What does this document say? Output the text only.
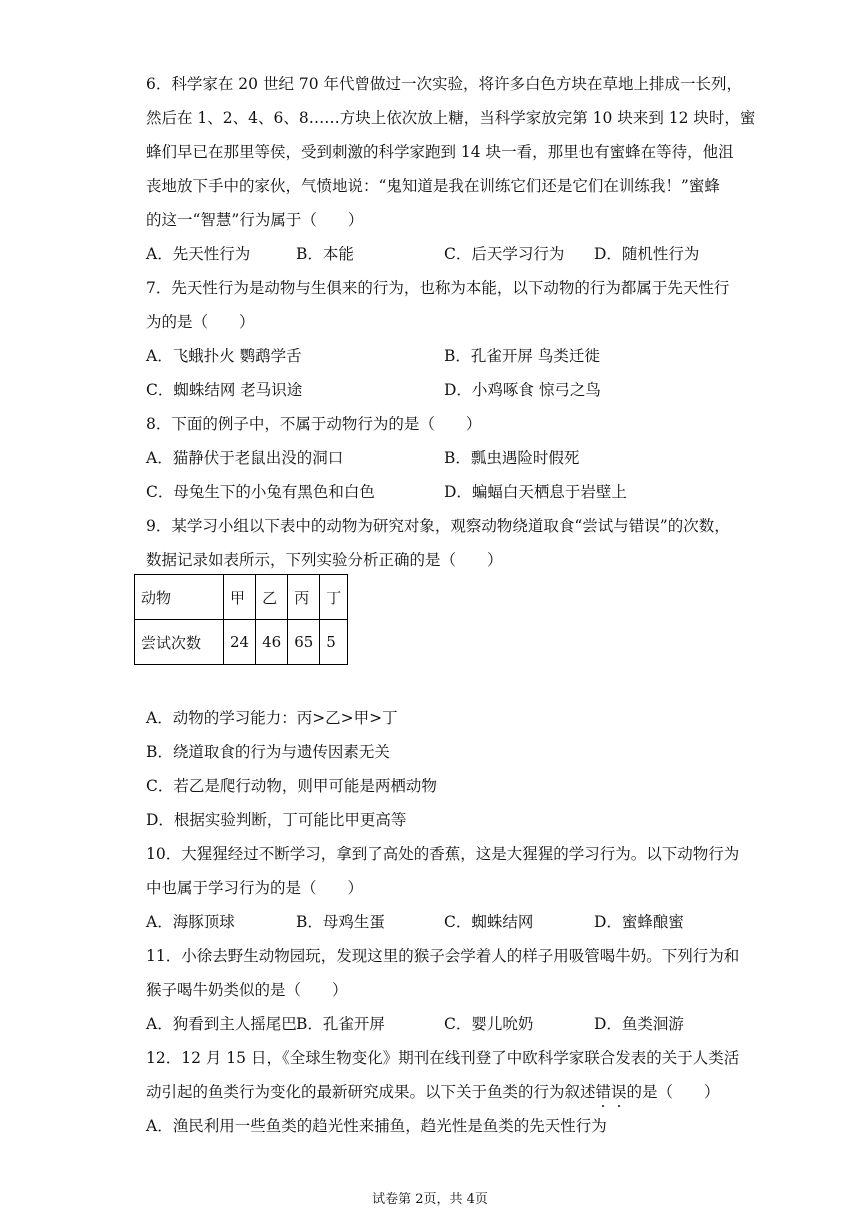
6．科学家在 20 世纪 70 年代曾做过一次实验，将许多白色方块在草地上排成一长列，
然后在 1、2、4、6、8……方块上依次放上糖，当科学家放完第 10 块来到 12 块时，蜜
蜂们早已在那里等侯，受到刺激的科学家跑到 14 块一看，那里也有蜜蜂在等待，他沮
丧地放下手中的家伙，气愤地说：“鬼知道是我在训练它们还是它们在训练我！”蜜蜂
的这一“智慧”行为属于（　　）
A．先天性行为	B．本能	C．后天学习行为 D．随机性行为
7．先天性行为是动物与生俱来的行为，也称为本能，以下动物的行为都属于先天性行
为的是（　　）
A．飞蛾扑火 鹦鹉学舌	B．孔雀开屏 鸟类迁徙
C．蜘蛛结网 老马识途	D．小鸡啄食 惊弓之鸟
8．下面的例子中，不属于动物行为的是（　　）
A．猫静伏于老鼠出没的洞口	B．瓢虫遇险时假死
C．母兔生下的小兔有黑色和白色	D．蝙蝠白天栖息于岩壁上
9．某学习小组以下表中的动物为研究对象，观察动物绕道取食“尝试与错误”的次数，
数据记录如表所示，下列实验分析正确的是（　　）
动物	甲	乙	丙	丁
尝试次数	24	46	65	5
A．动物的学习能力：丙>乙>甲>丁
B．绕道取食的行为与遗传因素无关
C．若乙是爬行动物，则甲可能是两栖动物
D．根据实验判断，丁可能比甲更高等
10．大猩猩经过不断学习，拿到了高处的香蕉，这是大猩猩的学习行为。以下动物行为
中也属于学习行为的是（　　）
A．海豚顶球	B．母鸡生蛋	C．蜘蛛结网	D．蜜蜂酿蜜
11．小徐去野生动物园玩，发现这里的猴子会学着人的样子用吸管喝牛奶。下列行为和
猴子喝牛奶类似的是（　　）
A．狗看到主人摇尾巴 B．孔雀开屏	C．婴儿吮奶	D．鱼类洄游
12．12 月 15 日，《全球生物变化》期刊在线刊登了中欧科学家联合发表的关于人类活
动引起的鱼类行为变化的最新研究成果。以下关于鱼类的行为叙述错误的是（　　）
A．渔民利用一些鱼类的趋光性来捕鱼，趋光性是鱼类的先天性行为
试卷第 2页，共 4页
